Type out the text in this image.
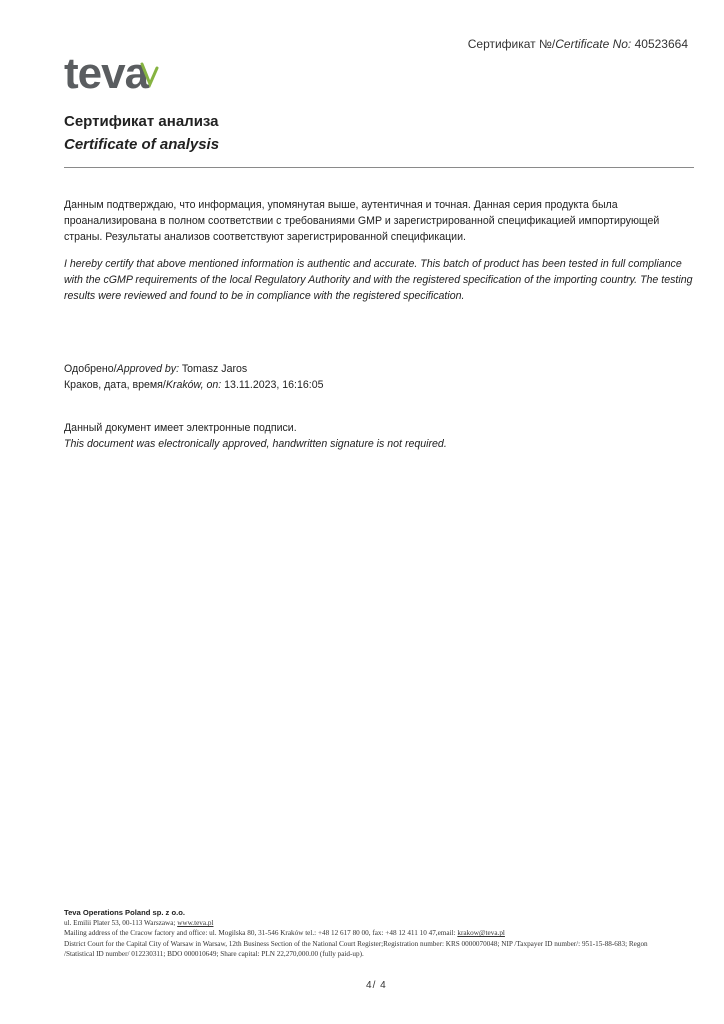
Сертификат №/Certificate No: 40523664
teva
Сертификат анализа
Certificate of analysis
Данным подтверждаю, что информация, упомянутая выше, аутентичная и точная. Данная серия продукта была проанализирована в полном соответствии с требованиями GMP и зарегистрированной спецификацией импортирующей страны. Результаты анализов соответствуют зарегистрированной спецификации.
I hereby certify that above mentioned information is authentic and accurate. This batch of product has been tested in full compliance with the cGMP requirements of the local Regulatory Authority and with the registered specification of the importing country. The testing results were reviewed and found to be in compliance with the registered specification.
Одобрено/Approved by: Tomasz Jaros
Краков, дата, время/Kraków, on: 13.11.2023, 16:16:05
Данный документ имеет электронные подписи.
This document was electronically approved, handwritten signature is not required.
Teva Operations Poland sp. z o.o.
ul. Emilii Plater 53, 00-113 Warszawa; www.teva.pl
Mailing address of the Cracow factory and office: ul. Mogilska 80, 31-546 Kraków tel.: +48 12 617 80 00, fax: +48 12 411 10 47,email: krakow@teva.pl
District Court for the Capital City of Warsaw in Warsaw, 12th Business Section of the National Court Register;Registration number: KRS 0000070048; NIP /Taxpayer ID number/: 951-15-88-683; Regon /Statistical ID number/ 012230311; BDO 000010649; Share capital: PLN 22,270,000.00 (fully paid-up).
4/ 4
